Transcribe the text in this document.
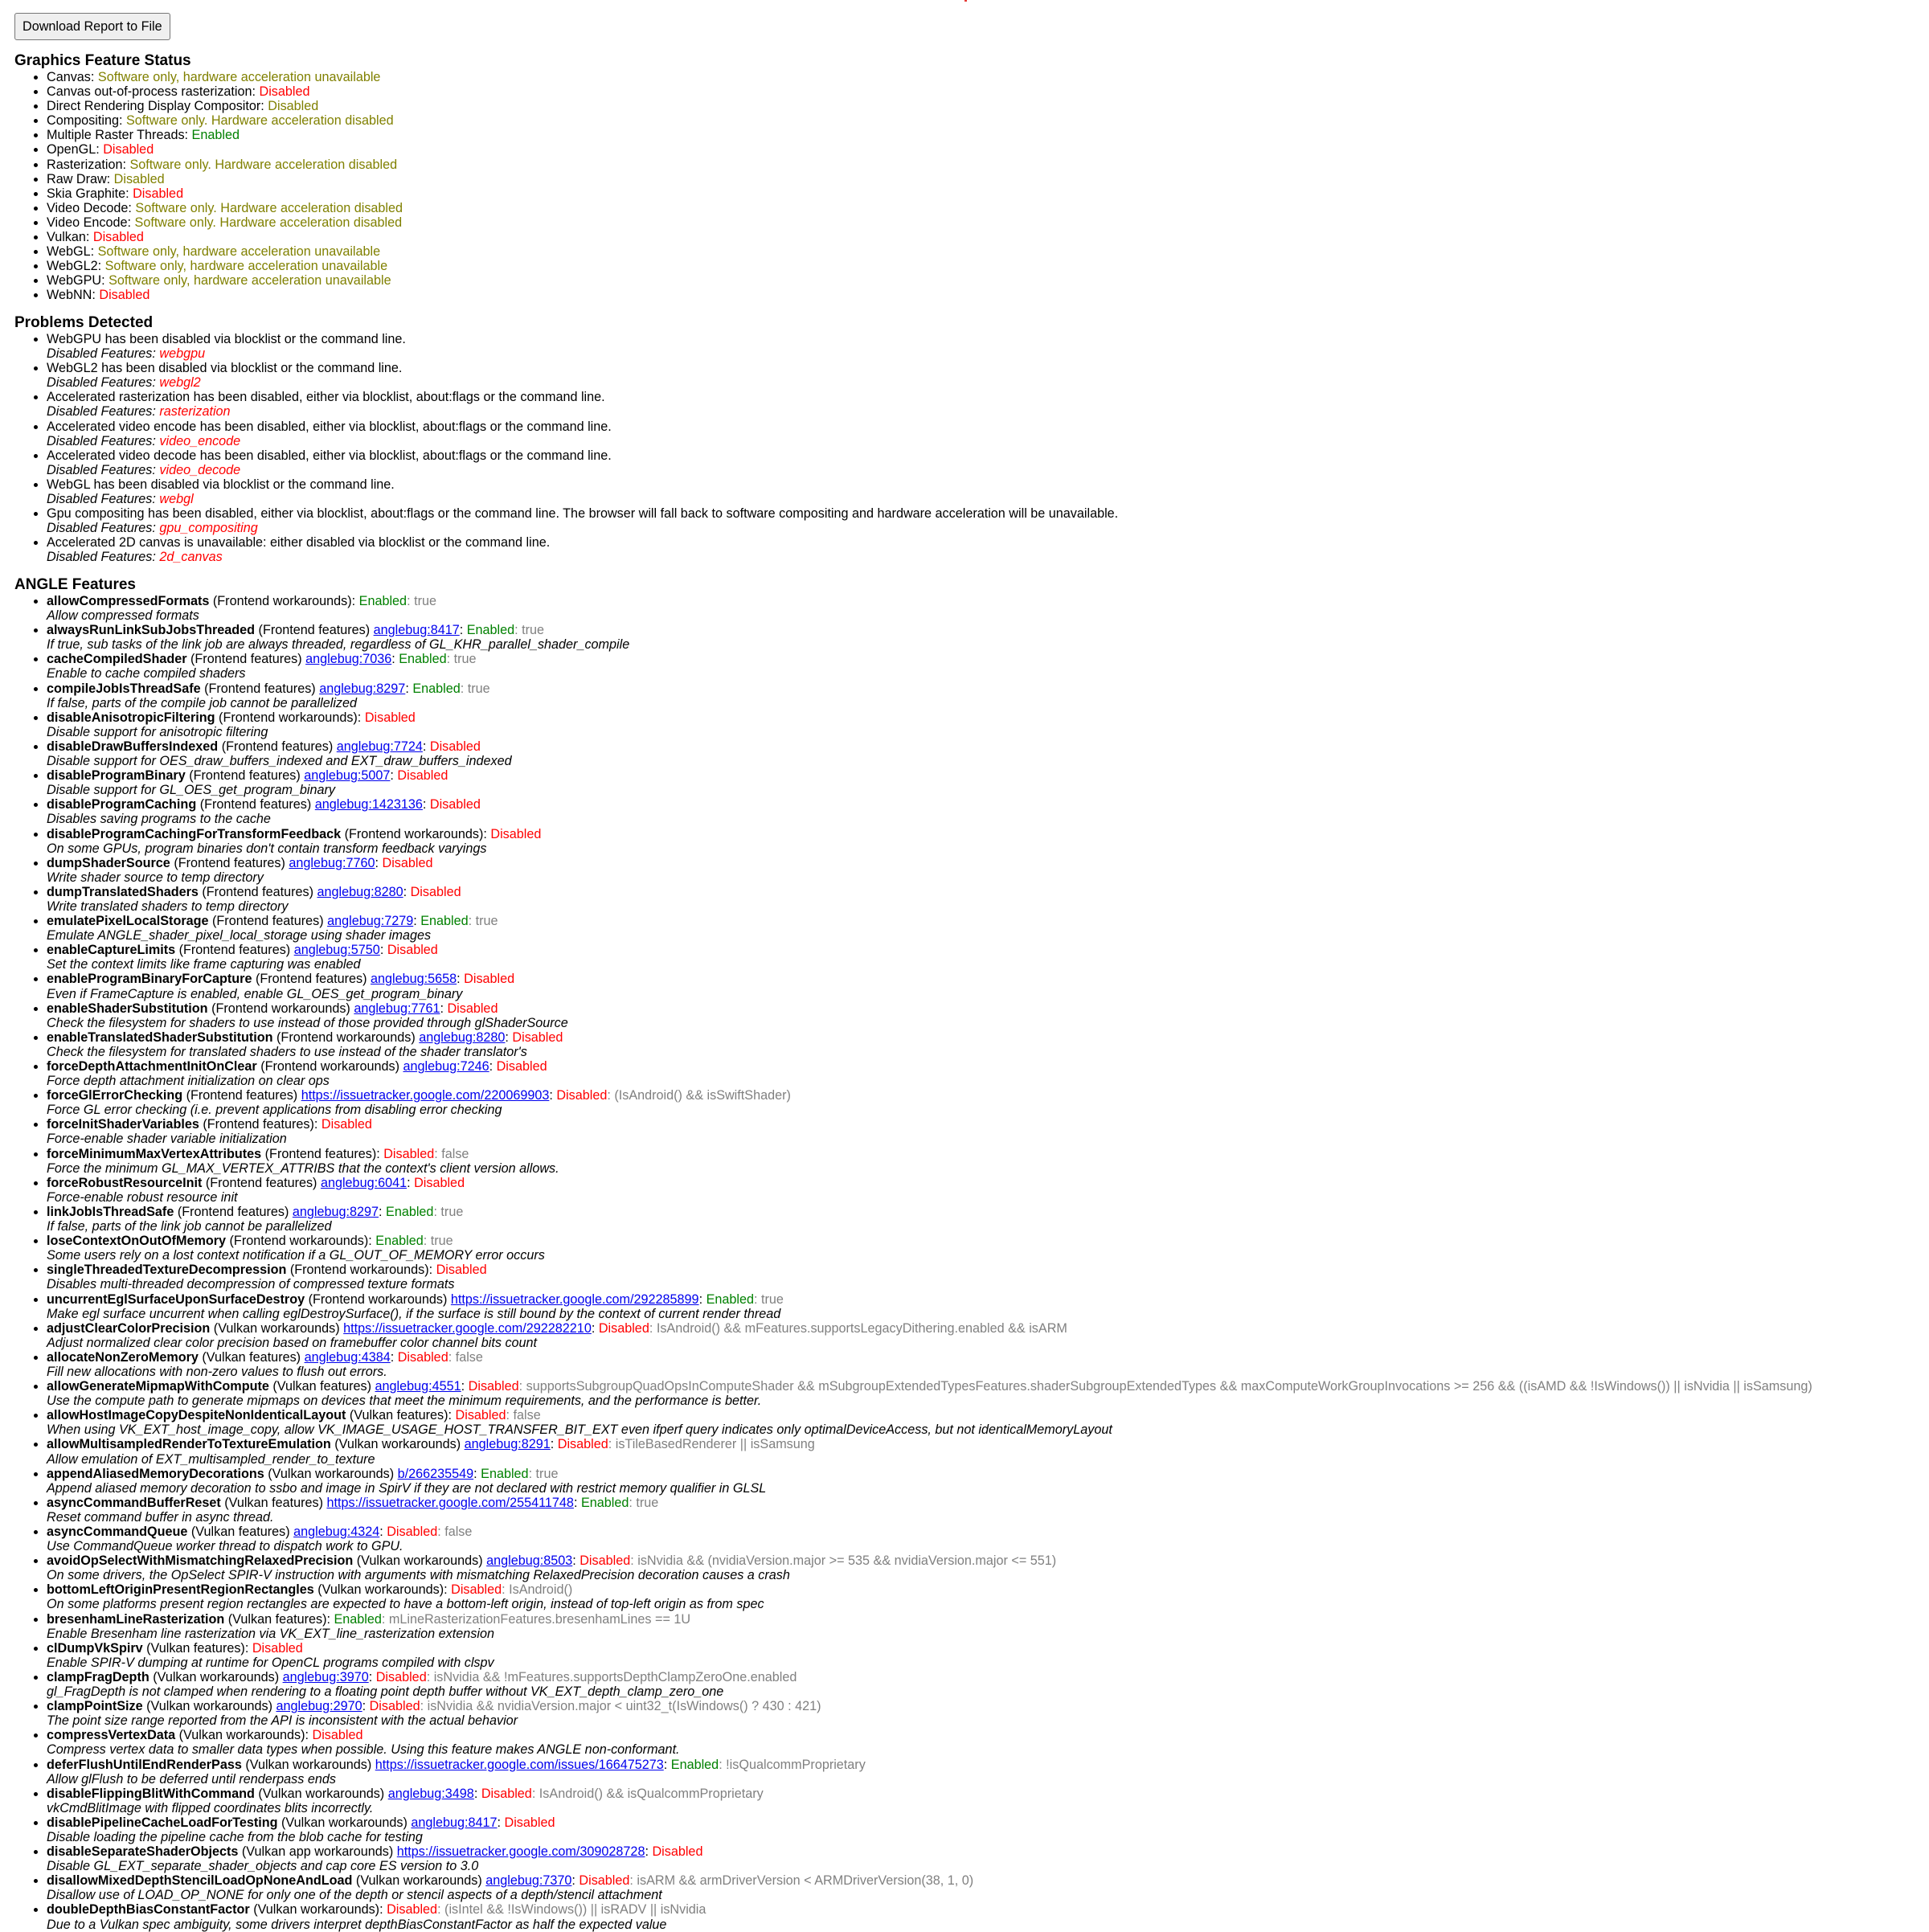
Download Report to File
Graphics Feature Status
• Canvas: Software only, hardware acceleration unavailable
• Canvas out-of-process rasterization: Disabled
• Direct Rendering Display Compositor: Disabled
• Compositing: Software only. Hardware acceleration disabled
• Multiple Raster Threads: Enabled
• OpenGL: Disabled
• Rasterization: Software only. Hardware acceleration disabled
• Raw Draw: Disabled
• Skia Graphite: Disabled
• Video Decode: Software only. Hardware acceleration disabled
• Video Encode: Software only. Hardware acceleration disabled
• Vulkan: Disabled
• WebGL: Software only, hardware acceleration unavailable
• WebGL2: Software only, hardware acceleration unavailable
• WebGPU: Software only, hardware acceleration unavailable
• WebNN: Disabled
Problems Detected
• WebGPU has been disabled via blocklist or the command line.
Disabled Features: webgpu
• WebGL2 has been disabled via blocklist or the command line.
Disabled Features: webgl2
• Accelerated rasterization has been disabled, either via blocklist, about:flags or the command line.
Disabled Features: rasterization
• Accelerated video encode has been disabled, either via blocklist, about:flags or the command line.
Disabled Features: video_encode
• Accelerated video decode has been disabled, either via blocklist, about:flags or the command line.
Disabled Features: video_decode
• WebGL has been disabled via blocklist or the command line.
Disabled Features: webgl
• Gpu compositing has been disabled, either via blocklist, about:flags or the command line. The browser will fall back to software compositing and hardware acceleration will be unavailable.
Disabled Features: gpu_compositing
• Accelerated 2D canvas is unavailable: either disabled via blocklist or the command line.
Disabled Features: 2d_canvas
ANGLE Features
• allowCompressedFormats (Frontend workarounds): Enabled: true
Allow compressed formats
• alwaysRunLinkSubJobsThreaded (Frontend features) anglebug:8417: Enabled: true
If true, sub tasks of the link job are always threaded, regardless of GL_KHR_parallel_shader_compile
• cacheCompiledShader (Frontend features) anglebug:7036: Enabled: true
Enable to cache compiled shaders
• compileJobIsThreadSafe (Frontend features) anglebug:8297: Enabled: true
If false, parts of the compile job cannot be parallelized
• disableAnisotropicFiltering (Frontend workarounds): Disabled
Disable support for anisotropic filtering
• disableDrawBuffersIndexed (Frontend features) anglebug:7724: Disabled
Disable support for OES_draw_buffers_indexed and EXT_draw_buffers_indexed
• disableProgramBinary (Frontend features) anglebug:5007: Disabled
Disable support for GL_OES_get_program_binary
• disableProgramCaching (Frontend features) anglebug:1423136: Disabled
Disables saving programs to the cache
• disableProgramCachingForTransformFeedback (Frontend workarounds): Disabled
On some GPUs, program binaries don't contain transform feedback varyings
• dumpShaderSource (Frontend features) anglebug:7760: Disabled
Write shader source to temp directory
• dumpTranslatedShaders (Frontend features) anglebug:8280: Disabled
Write translated shaders to temp directory
• emulatePixelLocalStorage (Frontend features) anglebug:7279: Enabled: true
Emulate ANGLE_shader_pixel_local_storage using shader images
• enableCaptureLimits (Frontend features) anglebug:5750: Disabled
Set the context limits like frame capturing was enabled
• enableProgramBinaryForCapture (Frontend features) anglebug:5658: Disabled
Even if FrameCapture is enabled, enable GL_OES_get_program_binary
• enableShaderSubstitution (Frontend workarounds) anglebug:7761: Disabled
Check the filesystem for shaders to use instead of those provided through glShaderSource
• enableTranslatedShaderSubstitution (Frontend workarounds) anglebug:8280: Disabled
Check the filesystem for translated shaders to use instead of the shader translator's
• forceDepthAttachmentInitOnClear (Frontend workarounds) anglebug:7246: Disabled
Force depth attachment initialization on clear ops
• forceGlErrorChecking (Frontend features) https://issuetracker.google.com/220069903: Disabled: (IsAndroid() && isSwiftShader)
Force GL error checking (i.e. prevent applications from disabling error checking
• forceInitShaderVariables (Frontend features): Disabled
Force-enable shader variable initialization
• forceMinimumMaxVertexAttributes (Frontend features): Disabled: false
Force the minimum GL_MAX_VERTEX_ATTRIBS that the context's client version allows.
• forceRobustResourceInit (Frontend features) anglebug:6041: Disabled
Force-enable robust resource init
• linkJobIsThreadSafe (Frontend features) anglebug:8297: Enabled: true
If false, parts of the link job cannot be parallelized
• loseContextOnOutOfMemory (Frontend workarounds): Enabled: true
Some users rely on a lost context notification if a GL_OUT_OF_MEMORY error occurs
• singleThreadedTextureDecompression (Frontend workarounds): Disabled
Disables multi-threaded decompression of compressed texture formats
• uncurrentEglSurfaceUponSurfaceDestroy (Frontend workarounds) https://issuetracker.google.com/292285899: Enabled: true
Make egl surface uncurrent when calling eglDestroySurface(), if the surface is still bound by the context of current render thread
• adjustClearColorPrecision (Vulkan workarounds) https://issuetracker.google.com/292282210: Disabled: IsAndroid() && mFeatures.supportsLegacyDithering.enabled && isARM
Adjust normalized clear color precision based on framebuffer color channel bits count
• allocateNonZeroMemory (Vulkan features) anglebug:4384: Disabled: false
Fill new allocations with non-zero values to flush out errors.
• allowGenerateMipmapWithCompute (Vulkan features) anglebug:4551: Disabled: supportsSubgroupQuadOpsInComputeShader && mSubgroupExtendedTypesFeatures.shaderSubgroupExtendedTypes && maxComputeWorkGroupInvocations >= 256 && ((isAMD && !IsWindows()) || isNvidia || isSamsung)
Use the compute path to generate mipmaps on devices that meet the minimum requirements, and the performance is better.
• allowHostImageCopyDespiteNonIdenticalLayout (Vulkan features): Disabled: false
When using VK_EXT_host_image_copy, allow VK_IMAGE_USAGE_HOST_TRANSFER_BIT_EXT even ifperf query indicates only optimalDeviceAccess, but not identicalMemoryLayout
• allowMultisampledRenderToTextureEmulation (Vulkan workarounds) anglebug:8291: Disabled: isTileBasedRenderer || isSamsung
Allow emulation of EXT_multisampled_render_to_texture
• appendAliasedMemoryDecorations (Vulkan workarounds) b/266235549: Enabled: true
Append aliased memory decoration to ssbo and image in SpirV if they are not declared with restrict memory qualifier in GLSL
• asyncCommandBufferReset (Vulkan features) https://issuetracker.google.com/255411748: Enabled: true
Reset command buffer in async thread.
• asyncCommandQueue (Vulkan features) anglebug:4324: Disabled: false
Use CommandQueue worker thread to dispatch work to GPU.
• avoidOpSelectWithMismatchingRelaxedPrecision (Vulkan workarounds) anglebug:8503: Disabled: isNvidia && (nvidiaVersion.major >= 535 && nvidiaVersion.major <= 551)
On some drivers, the OpSelect SPIR-V instruction with arguments with mismatching RelaxedPrecision decoration causes a crash
• bottomLeftOriginPresentRegionRectangles (Vulkan workarounds): Disabled: IsAndroid()
On some platforms present region rectangles are expected to have a bottom-left origin, instead of top-left origin as from spec
• bresenhamLineRasterization (Vulkan features): Enabled: mLineRasterizationFeatures.bresenhamLines == 1U
Enable Bresenham line rasterization via VK_EXT_line_rasterization extension
• clDumpVkSpirv (Vulkan features): Disabled
Enable SPIR-V dumping at runtime for OpenCL programs compiled with clspv
• clampFragDepth (Vulkan workarounds) anglebug:3970: Disabled: isNvidia && !mFeatures.supportsDepthClampZeroOne.enabled
gl_FragDepth is not clamped when rendering to a floating point depth buffer without VK_EXT_depth_clamp_zero_one
• clampPointSize (Vulkan workarounds) anglebug:2970: Disabled: isNvidia && nvidiaVersion.major < uint32_t(IsWindows() ? 430 : 421)
The point size range reported from the API is inconsistent with the actual behavior
• compressVertexData (Vulkan workarounds): Disabled
Compress vertex data to smaller data types when possible. Using this feature makes ANGLE non-conformant.
• deferFlushUntilEndRenderPass (Vulkan workarounds) https://issuetracker.google.com/issues/166475273: Enabled: !isQualcommProprietary
Allow glFlush to be deferred until renderpass ends
• disableFlippingBlitWithCommand (Vulkan workarounds) anglebug:3498: Disabled: IsAndroid() && isQualcommProprietary
vkCmdBlitImage with flipped coordinates blits incorrectly.
• disablePipelineCacheLoadForTesting (Vulkan workarounds) anglebug:8417: Disabled
Disable loading the pipeline cache from the blob cache for testing
• disableSeparateShaderObjects (Vulkan app workarounds) https://issuetracker.google.com/309028728: Disabled
Disable GL_EXT_separate_shader_objects and cap core ES version to 3.0
• disallowMixedDepthStencilLoadOpNoneAndLoad (Vulkan workarounds) anglebug:7370: Disabled: isARM && armDriverVersion < ARMDriverVersion(38, 1, 0)
Disallow use of LOAD_OP_NONE for only one of the depth or stencil aspects of a depth/stencil attachment
• doubleDepthBiasConstantFactor (Vulkan workarounds): Disabled: (isIntel && !IsWindows()) || isRADV || isNvidia
Due to a Vulkan spec ambiguity, some drivers interpret depthBiasConstantFactor as half the expected value
